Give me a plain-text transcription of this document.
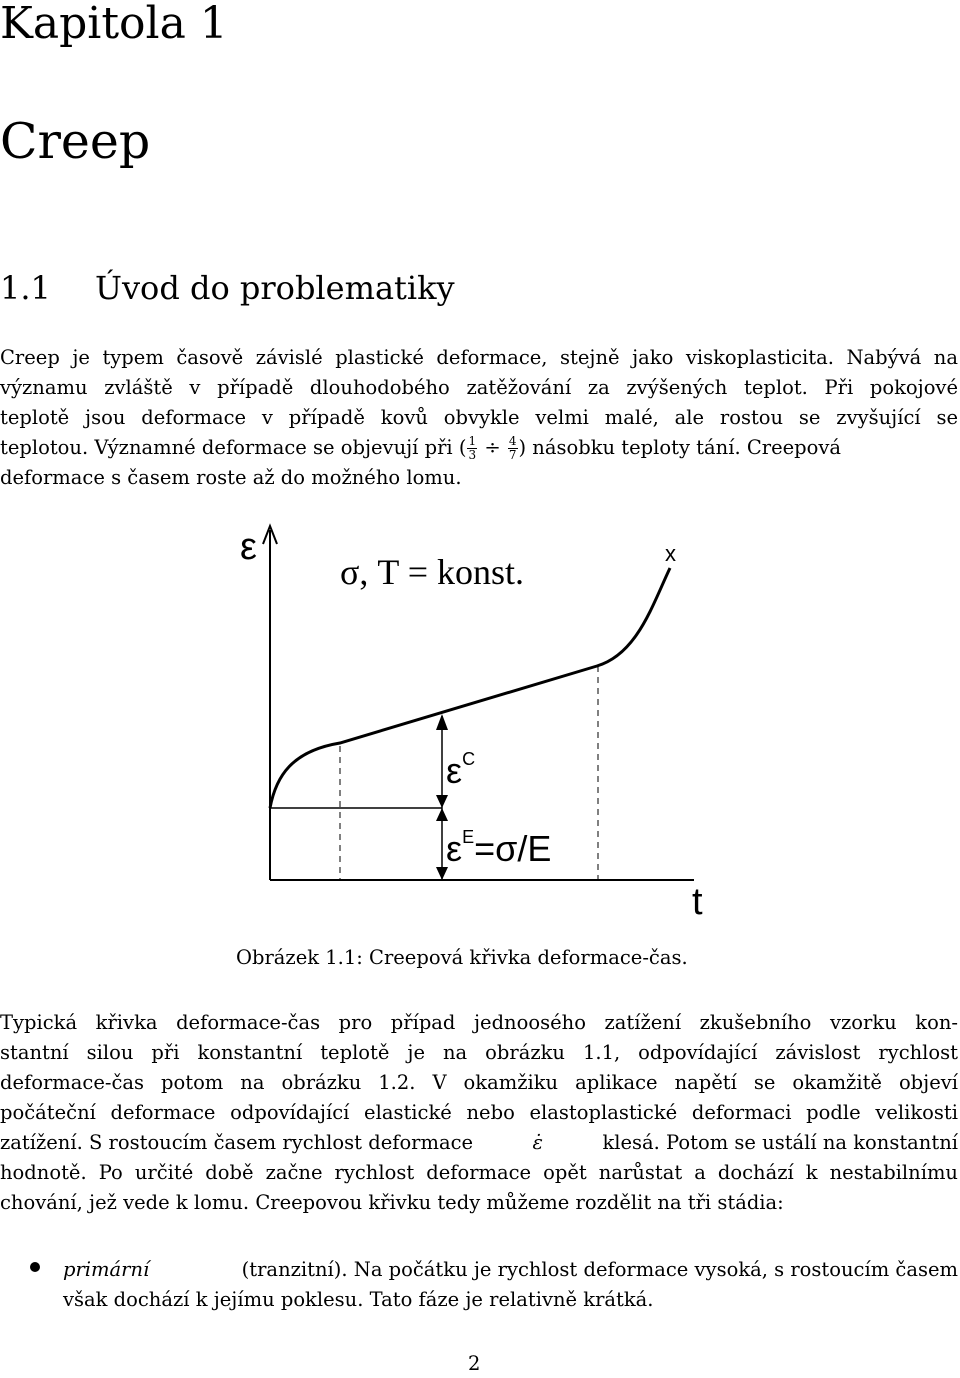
Kapitola 1
Creep
1.1 Úvod do problematiky
Creep je typem časově závislé plastické deformace, stejně jako viskoplasticita. Nabývá na
významu zvláště v případě dlouhodobého zatěžování za zvýšených teplot. Při pokojové
teplotě jsou deformace v případě kovů obvykle velmi malé, ale rostou se zvyšující se
teplotou. Významné deformace se objevují při ( $\frac{1}{3} \div \frac{4}{7}$ ) násobku teploty tání. Creepová
deformace s časem roste až do možného lomu.
ε
σ, T = konst.	x
$\varepsilon^C$
$\varepsilon^E=\sigma/E$
t
Obrázek 1.1: Creepová křivka deformace-čas.
Typická křivka deformace-čas pro případ jednoosého zatížení zkušebního vzorku kon-
stantní silou při konstantní teplotě je na obrázku 1.1, odpovídající závislost rychlost
deformace-čas potom na obrázku 1.2. V okamžiku aplikace napětí se okamžitě objeví
počáteční deformace odpovídající elastické nebo elastoplastické deformaci podle velikosti
zatížení. S rostoucím časem rychlost deformace	ε̇	klesá. Potom se ustálí na konstantní
hodnotě. Po určité době začne rychlost deformace opět narůstat a dochází k nestabilnímu
chování, jež vede k lomu. Creepovou křivku tedy můžeme rozdělit na tři stádia:
primární	(tranzitní). Na počátku je rychlost deformace vysoká, s rostoucím časem
však dochází k jejímu poklesu. Tato fáze je relativně krátká.
2
